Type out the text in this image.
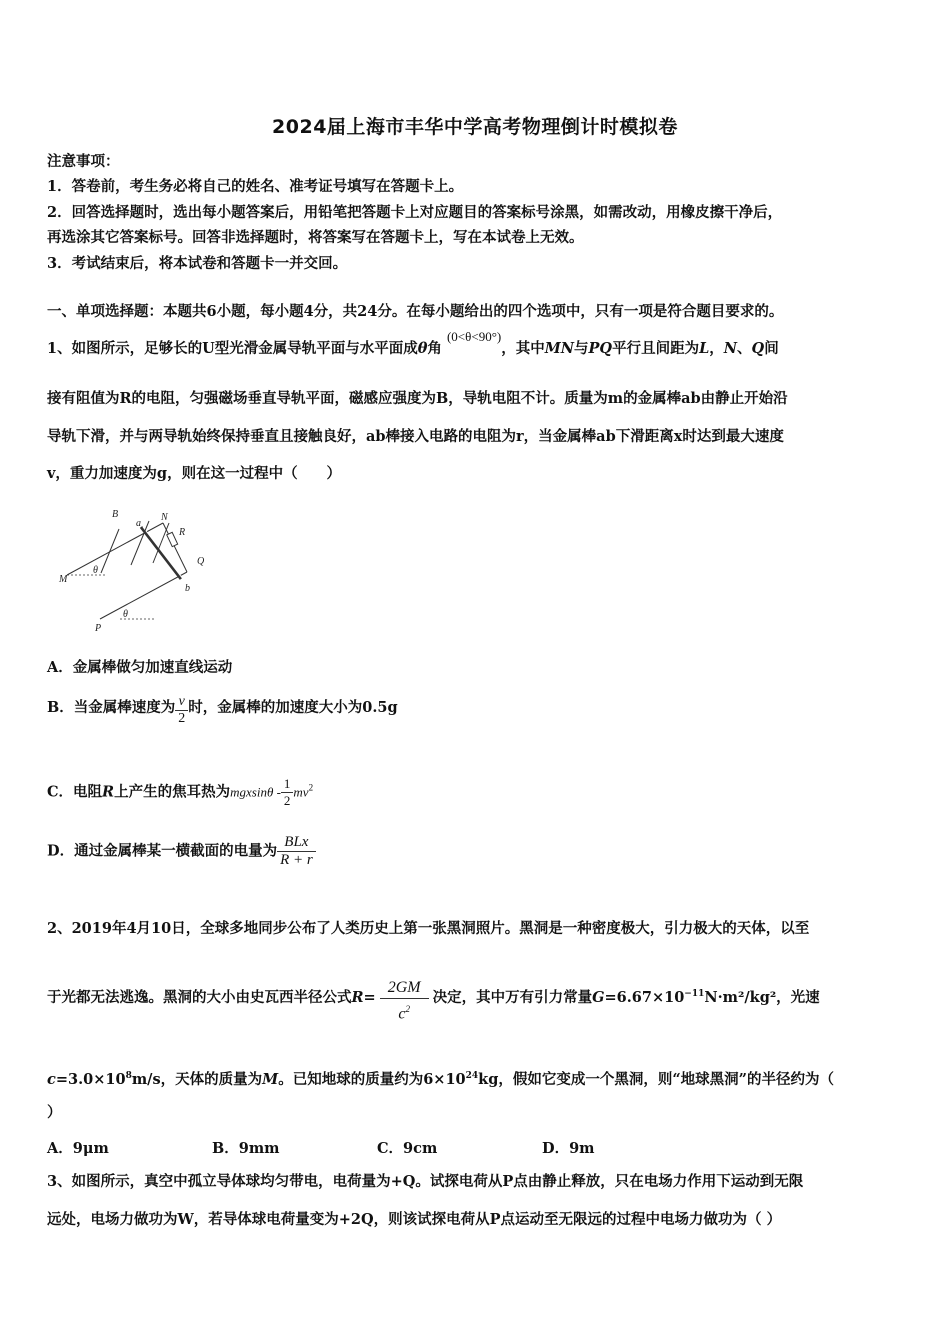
2024届上海市丰华中学高考物理倒计时模拟卷
注意事项：
1．答卷前，考生务必将自己的姓名、准考证号填写在答题卡上。
2．回答选择题时，选出每小题答案后，用铅笔把答题卡上对应题目的答案标号涂黑，如需改动，用橡皮擦干净后，
再选涂其它答案标号。回答非选择题时，将答案写在答题卡上，写在本试卷上无效。
3．考试结束后，将本试卷和答题卡一并交回。
一、单项选择题：本题共6小题，每小题4分，共24分。在每小题给出的四个选项中，只有一项是符合题目要求的。
1、如图所示，足够长的U型光滑金属导轨平面与水平面成θ角 (0<θ<90°)，其中MN与PQ平行且间距为L，N、Q间
接有阻值为R的电阻，匀强磁场垂直导轨平面，磁感应强度为B，导轨电阻不计。质量为m的金属棒ab由静止开始沿
导轨下滑，并与两导轨始终保持垂直且接触良好，ab棒接入电路的电阻为r，当金属棒ab下滑距离x时达到最大速度
v，重力加速度为g，则在这一过程中（　　）
B
a
N
R
Q
b
M
θ
P
θ
A．金属棒做匀加速直线运动
B．当金属棒速度为 $\frac{v}{2}$ 时，金属棒的加速度大小为0.5g
C．电阻R上产生的焦耳热为mgxsinθ - $\frac{1}{2} mv^2$
D．通过金属棒某一横截面的电量为 $\frac{\text{BLx}}{R + r}$
2、2019年4月10日，全球多地同步公布了人类历史上第一张黑洞照片。黑洞是一种密度极大，引力极大的天体，以至
于光都无法逃逸。黑洞的大小由史瓦西半径公式$R= \frac{2GM}{c^2}$ 决定，其中万有引力常量$G=6.67\times 10^{-11}N\cdot m^2$/kg²，光速
$c=3.0\times 10^8m/s$，天体的质量为M。已知地球的质量约为$6\times 10^{24}kg$，假如它变成一个黑洞，则“地球黑洞”的半径约为（
）
A．9μm	B．9mm	C．9cm	D．9m
3、如图所示，真空中孤立导体球均匀带电，电荷量为+Q。试探电荷从P点由静止释放，只在电场力作用下运动到无限
远处，电场力做功为W，若导体球电荷量变为+2Q，则该试探电荷从P点运动至无限远的过程中电场力做功为（ ）
